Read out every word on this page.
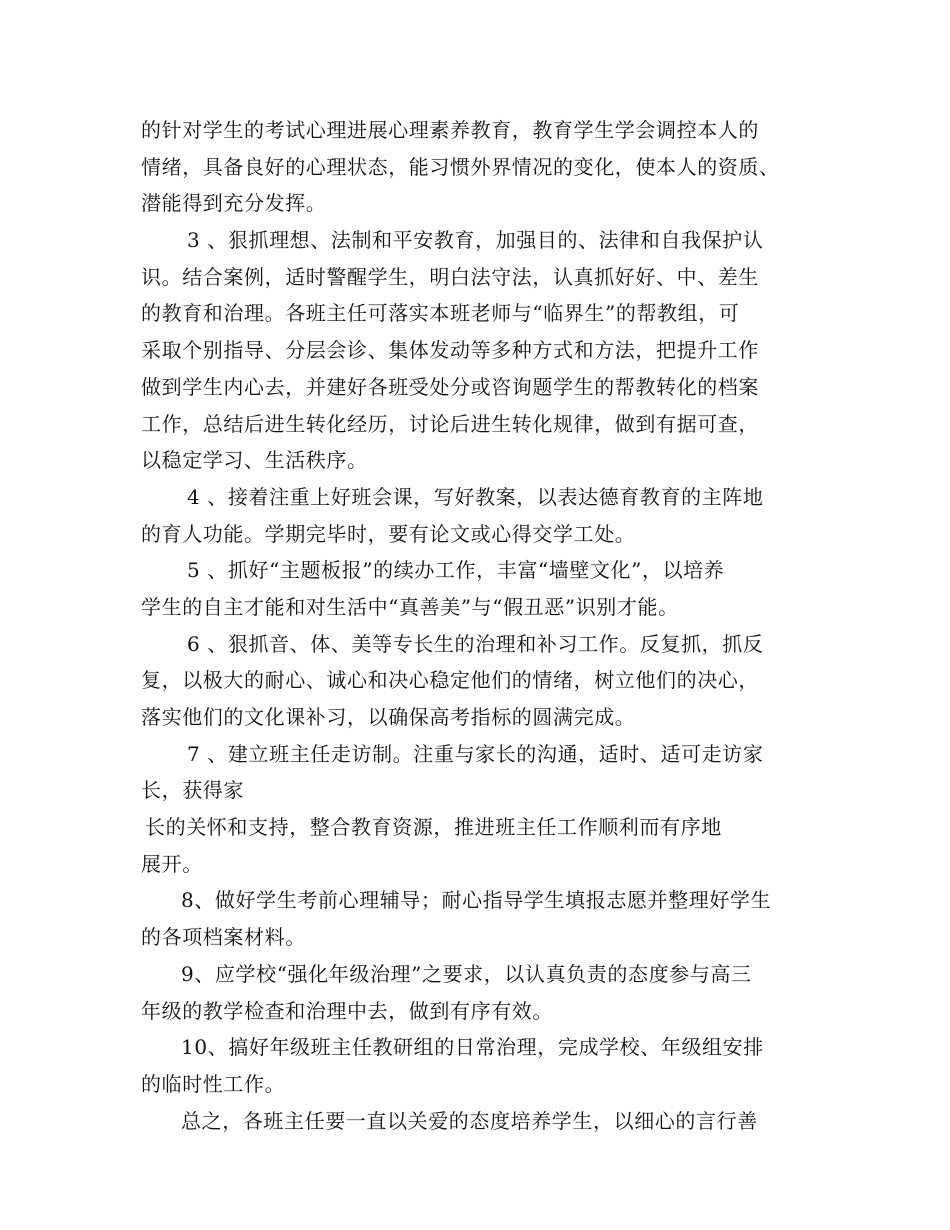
的针对学生的考试心理进展心理素养教育，教育学生学会调控本人的
情绪，具备良好的心理状态，能习惯外界情况的变化，使本人的资质、
潜能得到充分发挥。
3 、狠抓理想、法制和平安教育，加强目的、法律和自我保护认
识。结合案例，适时警醒学生，明白法守法，认真抓好好、中、差生
的教育和治理。各班主任可落实本班老师与“临界生”的帮教组，可
采取个别指导、分层会诊、集体发动等多种方式和方法，把提升工作
做到学生内心去，并建好各班受处分或咨询题学生的帮教转化的档案
工作，总结后进生转化经历，讨论后进生转化规律，做到有据可查，
以稳定学习、生活秩序。
4 、接着注重上好班会课，写好教案，以表达德育教育的主阵地
的育人功能。学期完毕时，要有论文或心得交学工处。
5 、抓好“主题板报”的续办工作，丰富“墙壁文化”，以培养
学生的自主才能和对生活中“真善美”与“假丑恶”识别才能。
6 、狠抓音、体、美等专长生的治理和补习工作。反复抓，抓反
复，以极大的耐心、诚心和决心稳定他们的情绪，树立他们的决心，
落实他们的文化课补习，以确保高考指标的圆满完成。
7 、建立班主任走访制。注重与家长的沟通，适时、适可走访家
长，获得家
长的关怀和支持，整合教育资源，推进班主任工作顺利而有序地
展开。
8、做好学生考前心理辅导；耐心指导学生填报志愿并整理好学生
的各项档案材料。
9、应学校“强化年级治理”之要求，以认真负责的态度参与高三
年级的教学检查和治理中去，做到有序有效。
10、搞好年级班主任教研组的日常治理，完成学校、年级组安排
的临时性工作。
总之，各班主任要一直以关爱的态度培养学生，以细心的言行善
